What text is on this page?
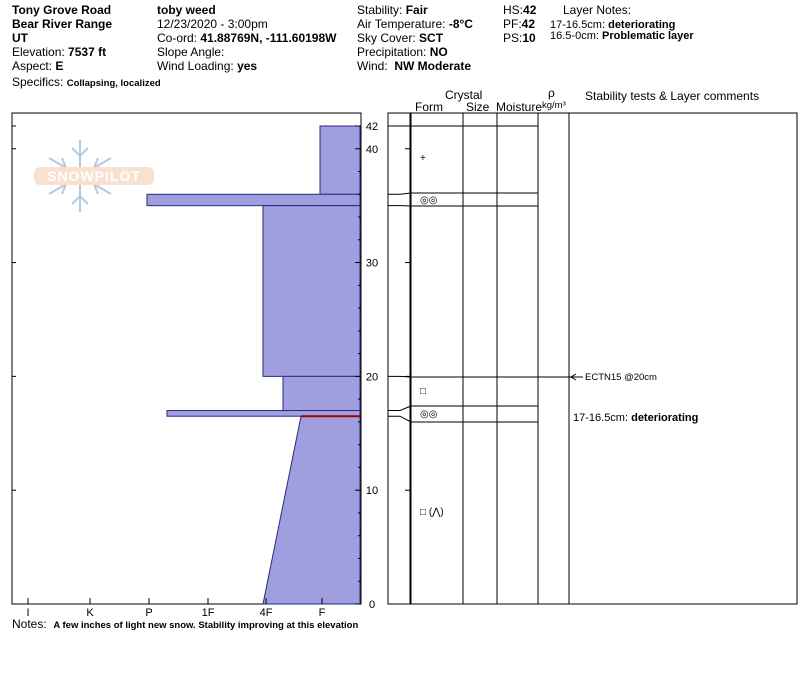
Tony Grove Road
Bear River Range
UT
Elevation: 7537 ft
Aspect: E
Specifics: Collapsing, localized
toby weed
12/23/2020 - 3:00pm
Co-ord: 41.88769N, -111.60198W
Slope Angle:
Wind Loading: yes
Stability: Fair
Air Temperature: -8°C
Sky Cover: SCT
Precipitation: NO
Wind: NW Moderate
HS:42
PF:42
PS:10
Layer Notes:
17-16.5cm: deteriorating
16.5-0cm: Problematic layer
Crystal
Form Size Moisture
ρ
kg/m³
Stability tests & Layer comments
SNOWPILOT
0
10
20
30
40
42
I	K	P	1F	4F	F
+
◎◎
□
◎◎
□ (⋀)
ECTN15 @20cm
17-16.5cm: deteriorating
Notes: A few inches of light new snow. Stability improving at this elevation
